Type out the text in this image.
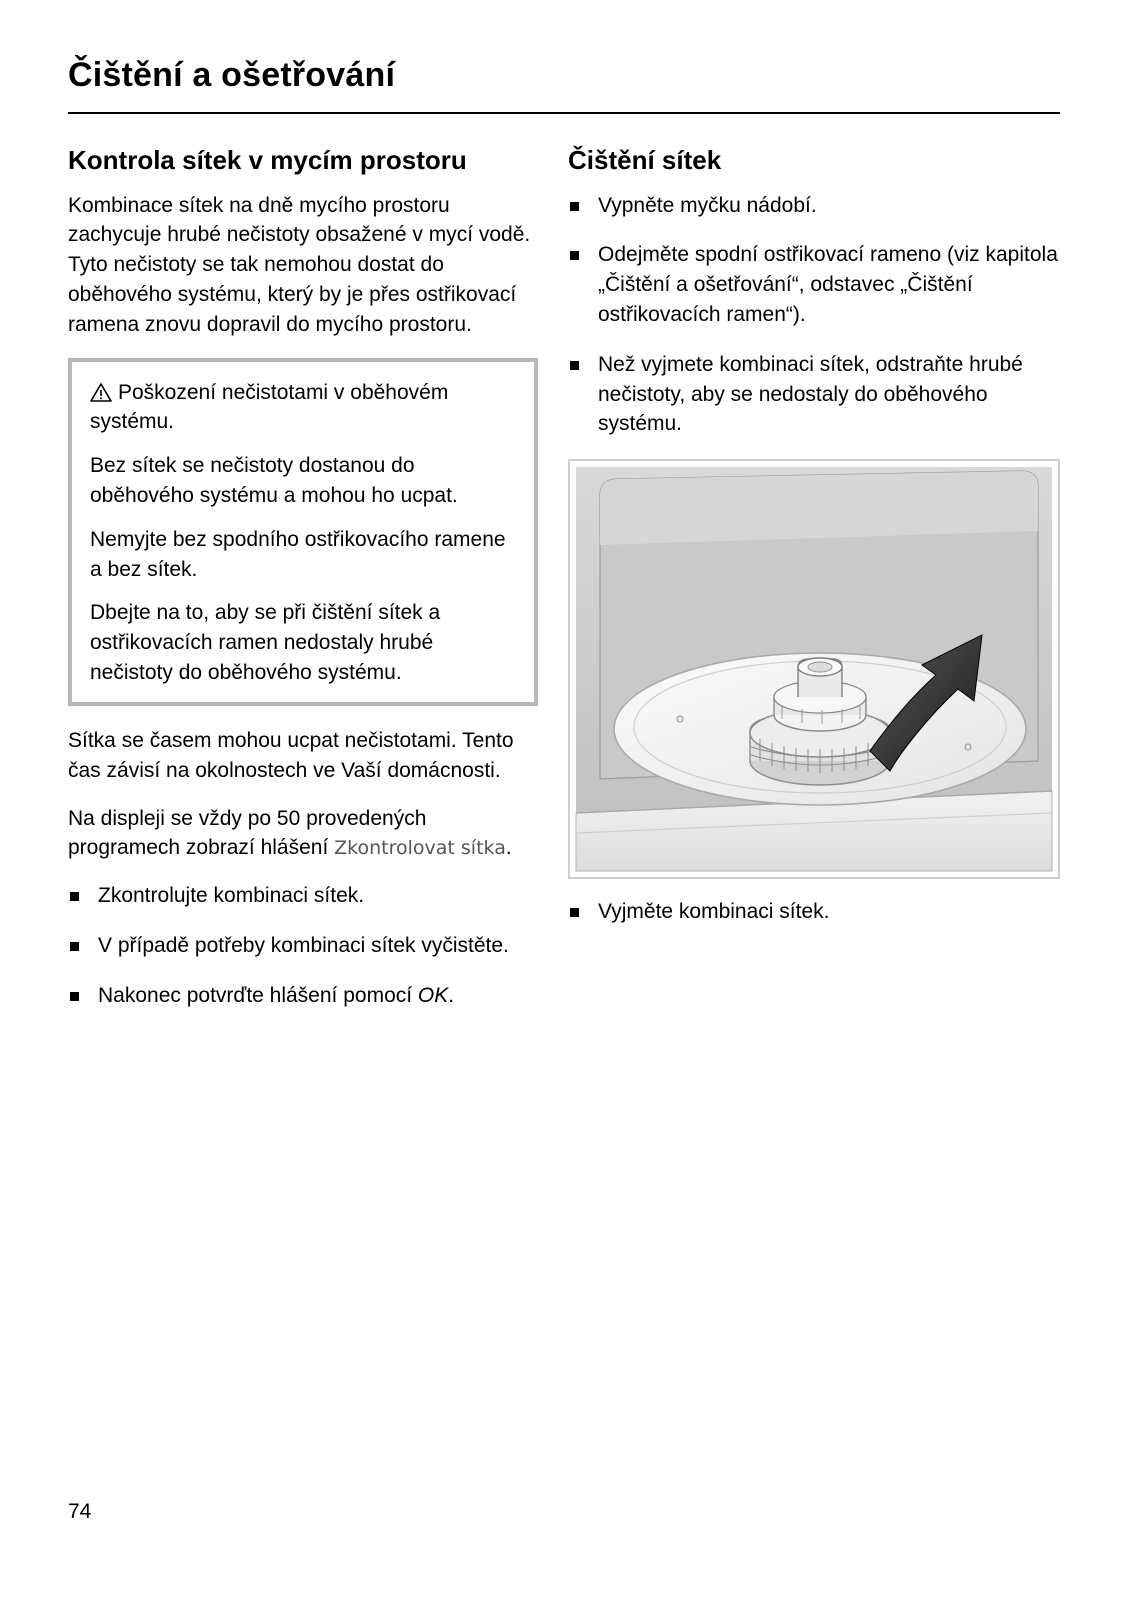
Čištění a ošetřování
Kontrola sítek v mycím prostoru

Kombinace sítek na dně mycího prostoru zachycuje hrubé nečistoty obsažené v mycí vodě. Tyto nečistoty se tak nemohou dostat do oběhového systému, který by je přes ostřikovací ramena znovu dopravil do mycího prostoru.

Poškození nečistotami v oběhovém systému.

Bez sítek se nečistoty dostanou do oběhového systému a mohou ho ucpat.

Nemyjte bez spodního ostřikovacího ramene a bez sítek.

Dbejte na to, aby se při čištění sítek a ostřikovacích ramen nedostaly hrubé nečistoty do oběhového systému.

Sítka se časem mohou ucpat nečistotami. Tento čas závisí na okolnostech ve Vaší domácnosti.

Na displeji se vždy po 50 provedených programech zobrazí hlášení Zkontrolovat sítka.

Zkontrolujte kombinaci sítek.
V případě potřeby kombinaci sítek vyčistěte.
Nakonec potvrďte hlášení pomocí OK.
Čištění sítek
Vypněte myčku nádobí.
Odejměte spodní ostřikovací rameno (viz kapitola „Čištění a ošetřování“, odstavec „Čištění ostřikovacích ramen“).
Než vyjmete kombinaci sítek, odstraňte hrubé nečistoty, aby se nedostaly do oběhového systému.
Vyjměte kombinaci sítek.
74
